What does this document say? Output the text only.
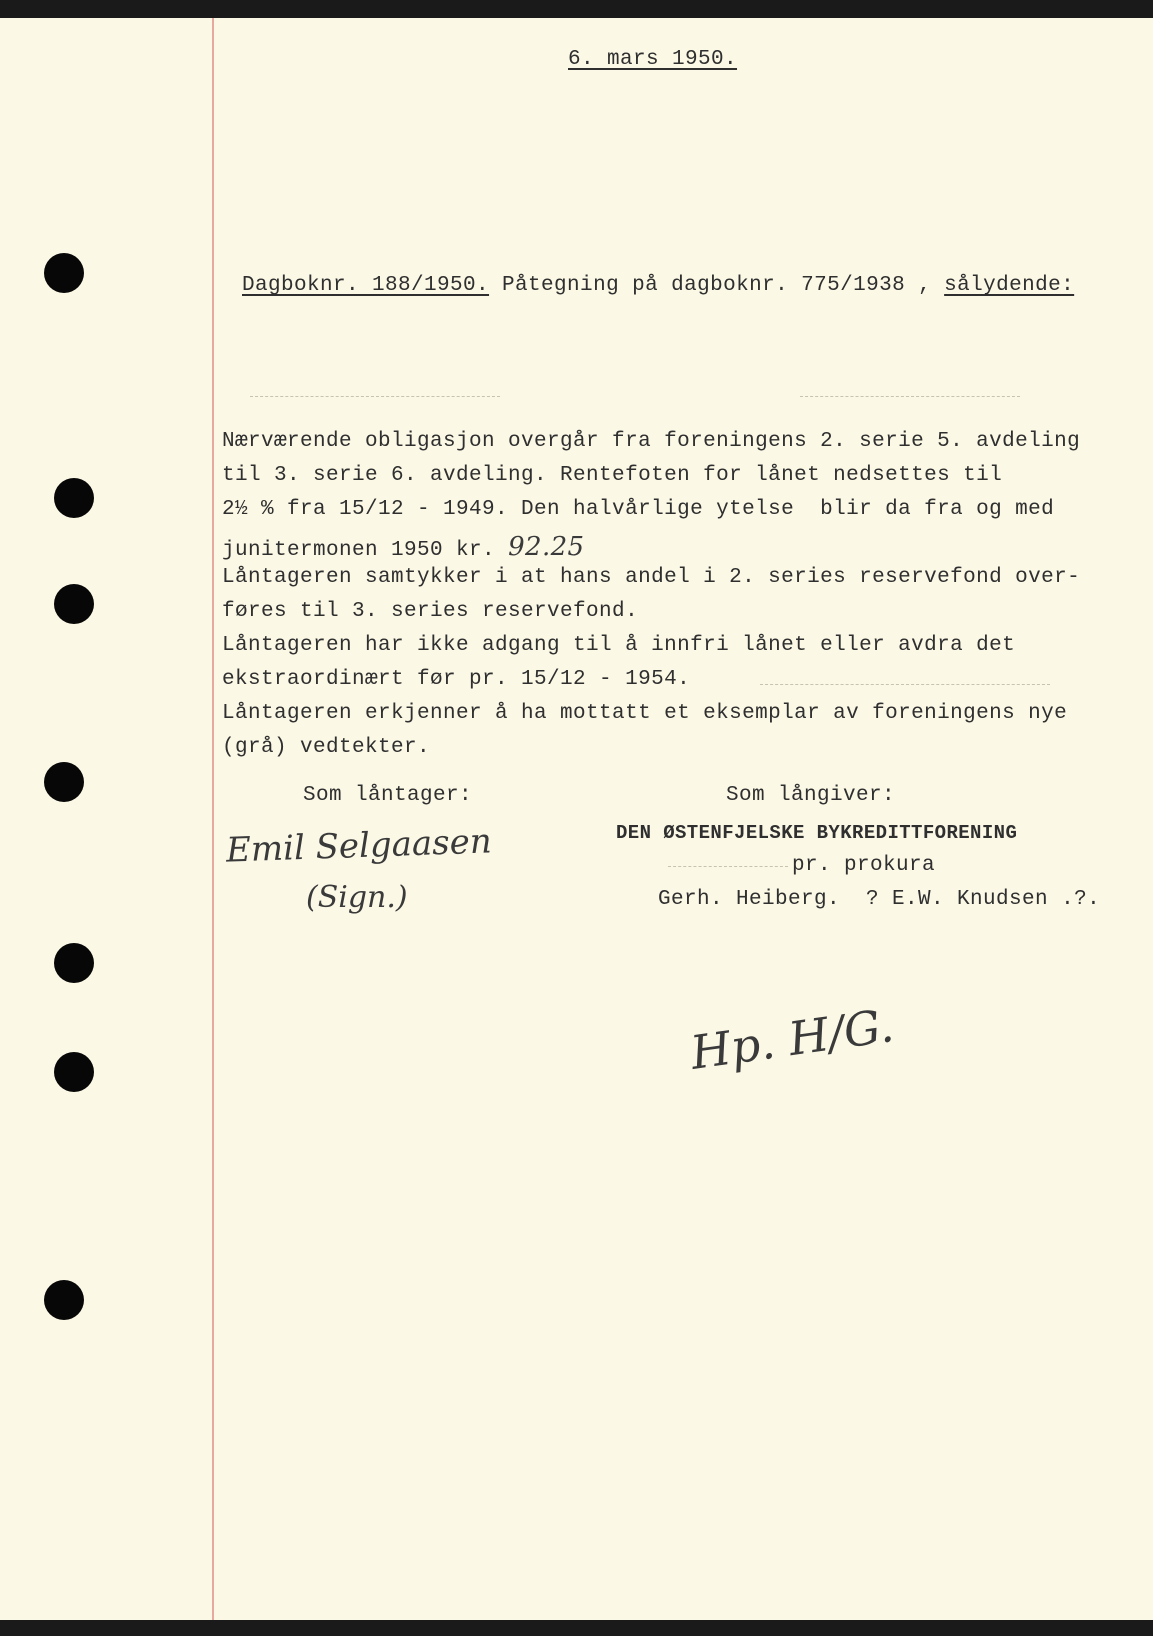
6. mars 1950.
Dagboknr. 188/1950. Påtegning på dagboknr. 775/1938 , sålydende:
Nærværende obligasjon overgår fra foreningens 2. serie 5. avdeling
til 3. serie 6. avdeling. Rentefoten for lånet nedsettes til
2½ % fra 15/12 - 1949. Den halvårlige ytelse  blir da fra og med
junitermonen 1950 kr. 92.25
Låntageren samtykker i at hans andel i 2. series reservefond over-
føres til 3. series reservefond.
Låntageren har ikke adgang til å innfri lånet eller avdra det
ekstraordinært før pr. 15/12 - 1954.
Låntageren erkjenner å ha mottatt et eksemplar av foreningens nye
(grå) vedtekter.
Som låntager:	Som långiver:
Emil Selgaasen
(Sign.)
DEN ØSTENFJELSKE BYKREDITTFORENING
pr. prokura
Gerh. Heiberg.  ? E.W. Knudsen .?.
Hp. H/G.
